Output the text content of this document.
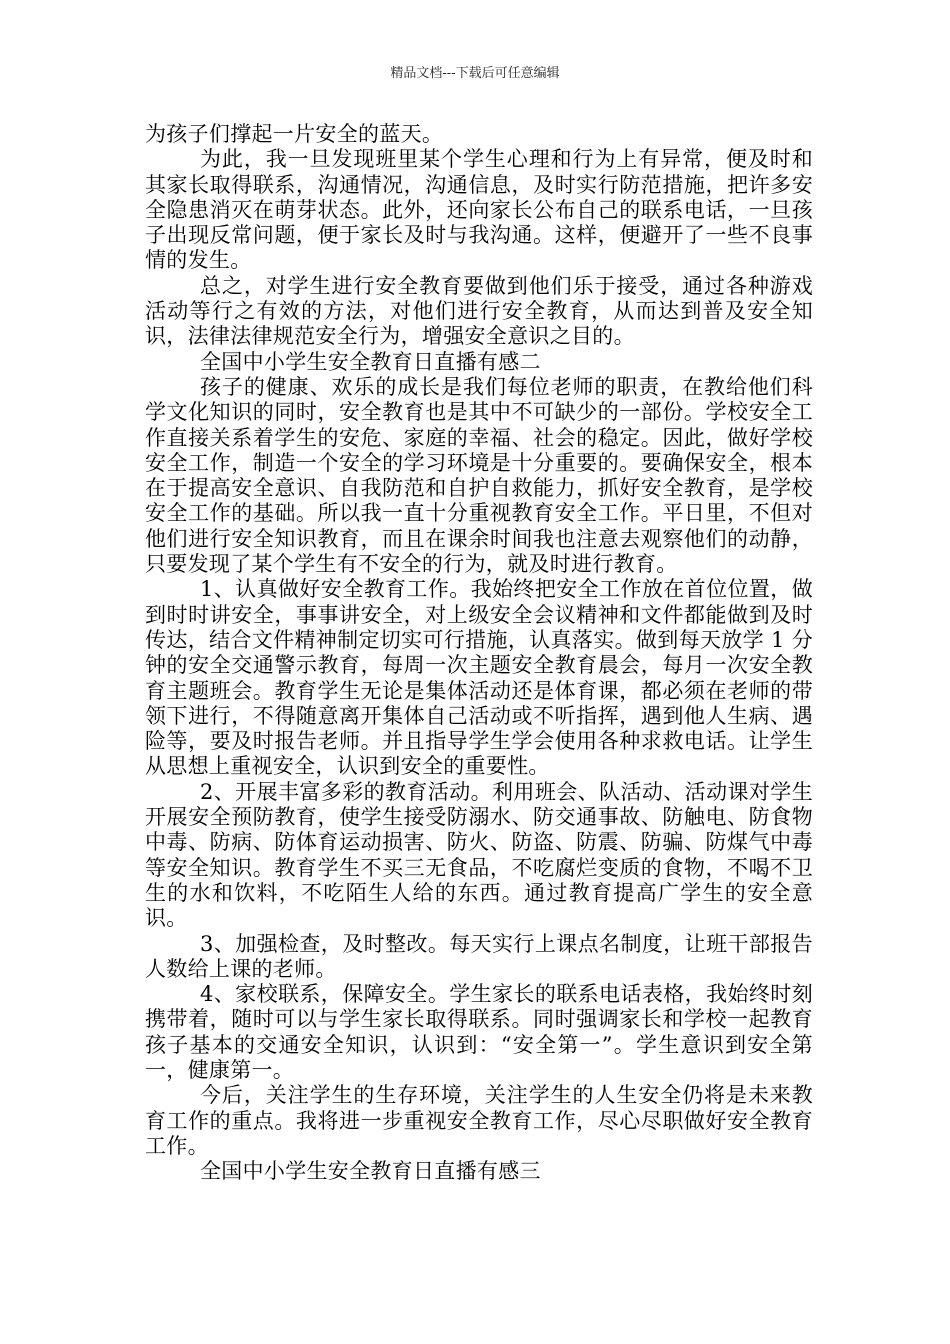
精品文档---下载后可任意编辑

为孩子们撑起一片安全的蓝天。

为此，我一旦发现班里某个学生心理和行为上有异常，便及时和其家长取得联系，沟通情况，沟通信息，及时实行防范措施，把许多安全隐患消灭在萌芽状态。此外，还向家长公布自己的联系电话，一旦孩子出现反常问题，便于家长及时与我沟通。这样，便避开了一些不良事情的发生。

总之，对学生进行安全教育要做到他们乐于接受，通过各种游戏活动等行之有效的方法，对他们进行安全教育，从而达到普及安全知识，法律法律规范安全行为，增强安全意识之目的。

全国中小学生安全教育日直播有感二

孩子的健康、欢乐的成长是我们每位老师的职责，在教给他们科学文化知识的同时，安全教育也是其中不可缺少的一部份。学校安全工作直接关系着学生的安危、家庭的幸福、社会的稳定。因此，做好学校安全工作，制造一个安全的学习环境是十分重要的。要确保安全，根本在于提高安全意识、自我防范和自护自救能力，抓好安全教育，是学校安全工作的基础。所以我一直十分重视教育安全工作。平日里，不但对他们进行安全知识教育，而且在课余时间我也注意去观察他们的动静，只要发现了某个学生有不安全的行为，就及时进行教育。

1、认真做好安全教育工作。我始终把安全工作放在首位位置，做到时时讲安全，事事讲安全，对上级安全会议精神和文件都能做到及时传达，结合文件精神制定切实可行措施，认真落实。做到每天放学 1 分钟的安全交通警示教育，每周一次主题安全教育晨会，每月一次安全教育主题班会。教育学生无论是集体活动还是体育课，都必须在老师的带领下进行，不得随意离开集体自己活动或不听指挥，遇到他人生病、遇险等，要及时报告老师。并且指导学生学会使用各种求救电话。让学生从思想上重视安全，认识到安全的重要性。

2、开展丰富多彩的教育活动。利用班会、队活动、活动课对学生开展安全预防教育，使学生接受防溺水、防交通事故、防触电、防食物中毒、防病、防体育运动损害、防火、防盗、防震、防骗、防煤气中毒等安全知识。教育学生不买三无食品，不吃腐烂变质的食物，不喝不卫生的水和饮料，不吃陌生人给的东西。通过教育提高广学生的安全意识。

3、加强检查，及时整改。每天实行上课点名制度，让班干部报告人数给上课的老师。

4、家校联系，保障安全。学生家长的联系电话表格，我始终时刻携带着，随时可以与学生家长取得联系。同时强调家长和学校一起教育孩子基本的交通安全知识，认识到：“安全第一”。学生意识到安全第一，健康第一。

今后，关注学生的生存环境，关注学生的人生安全仍将是未来教育工作的重点。我将进一步重视安全教育工作，尽心尽职做好安全教育工作。

全国中小学生安全教育日直播有感三
